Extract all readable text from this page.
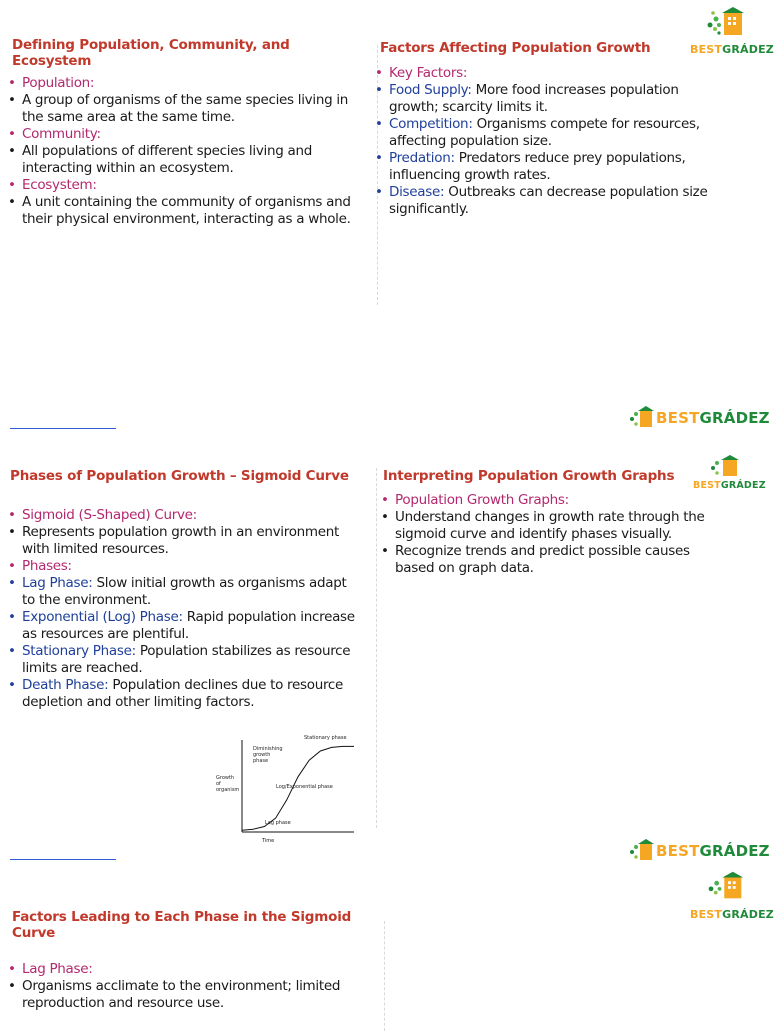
Defining Population, Community, and Ecosystem
• Population:
• A group of organisms of the same species living in the same area at the same time.
• Community:
• All populations of different species living and interacting within an ecosystem.
• Ecosystem:
• A unit containing the community of organisms and their physical environment, interacting as a whole.
Factors Affecting Population Growth
• Key Factors:
• Food Supply: More food increases population growth; scarcity limits it.
• Competition: Organisms compete for resources, affecting population size.
• Predation: Predators reduce prey populations, influencing growth rates.
• Disease: Outbreaks can decrease population size significantly.
BESTGRÁDEZ
BESTGRÁDEZ
Phases of Population Growth – Sigmoid Curve
• Sigmoid (S-Shaped) Curve:
• Represents population growth in an environment with limited resources.
• Phases:
• Lag Phase: Slow initial growth as organisms adapt to the environment.
• Exponential (Log) Phase: Rapid population increase as resources are plentiful.
• Stationary Phase: Population stabilizes as resource limits are reached.
• Death Phase: Population declines due to resource depletion and other limiting factors.
Interpreting Population Growth Graphs
• Population Growth Graphs:
• Understand changes in growth rate through the sigmoid curve and identify phases visually.
• Recognize trends and predict possible causes based on graph data.
BESTGRÁDEZ
Growth of organism
Time
Stationary phase
Diminishing growth phase
Log/Exponential phase
Lag phase
BESTGRÁDEZ
Factors Leading to Each Phase in the Sigmoid Curve
• Lag Phase:
• Organisms acclimate to the environment; limited reproduction and resource use.
BESTGRÁDEZ
